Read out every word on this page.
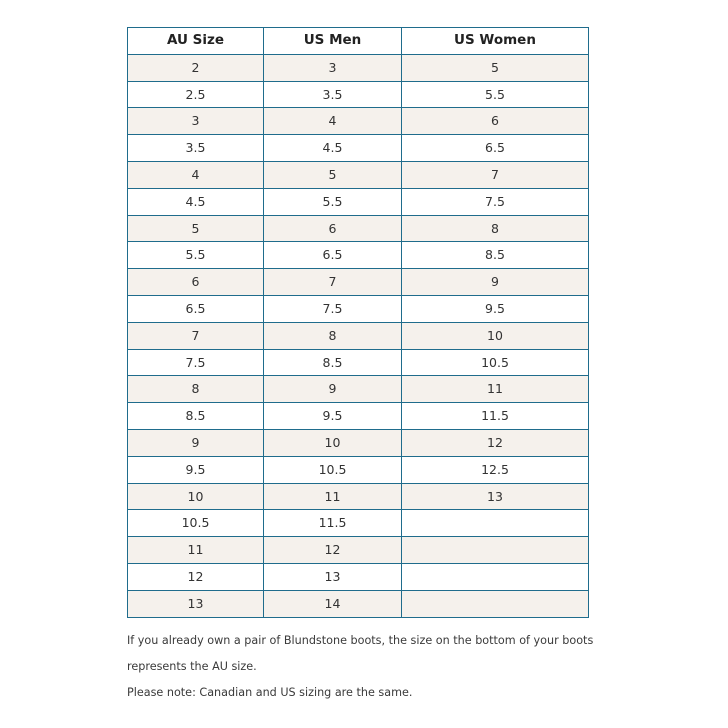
AU Size	US Men	US Women
2	3	5
2.5	3.5	5.5
3	4	6
3.5	4.5	6.5
4	5	7
4.5	5.5	7.5
5	6	8
5.5	6.5	8.5
6	7	9
6.5	7.5	9.5
7	8	10
7.5	8.5	10.5
8	9	11
8.5	9.5	11.5
9	10	12
9.5	10.5	12.5
10	11	13
10.5	11.5	
11	12	
12	13	
13	14	

If you already own a pair of Blundstone boots, the size on the bottom of your boots

represents the AU size.

Please note: Canadian and US sizing are the same.
